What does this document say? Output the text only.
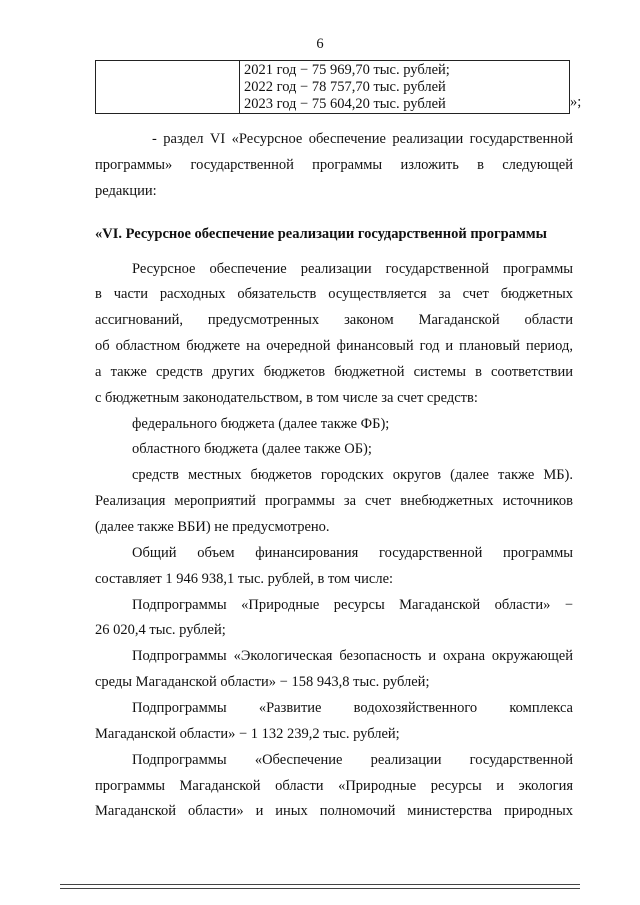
6

2021 год − 75 969,70 тыс. рублей;
2022 год − 78 757,70 тыс. рублей
2023 год − 75 604,20 тыс. рублей	»;
- раздел VI «Ресурсное обеспечение реализации государственной
программы» государственной программы изложить в следующей
редакции:
«VI. Ресурсное обеспечение реализации государственной программы
Ресурсное обеспечение реализации государственной программы
в части расходных обязательств осуществляется за счет бюджетных
ассигнований, предусмотренных законом Магаданской области
об областном бюджете на очередной финансовый год и плановый период,
а также средств других бюджетов бюджетной системы в соответствии
с бюджетным законодательством, в том числе за счет средств:
федерального бюджета (далее также ФБ);
областного бюджета (далее также ОБ);
средств местных бюджетов городских округов (далее также МБ).
Реализация мероприятий программы за счет внебюджетных источников
(далее также ВБИ) не предусмотрено.
Общий объем финансирования государственной программы
составляет 1 946 938,1 тыс. рублей, в том числе:
Подпрограммы «Природные ресурсы Магаданской области» −
26 020,4 тыс. рублей;
Подпрограммы «Экологическая безопасность и охрана окружающей
среды Магаданской области» − 158 943,8 тыс. рублей;
Подпрограммы «Развитие водохозяйственного комплекса
Магаданской области» − 1 132 239,2 тыс. рублей;
Подпрограммы «Обеспечение реализации государственной
программы Магаданской области «Природные ресурсы и экология
Магаданской области» и иных полномочий министерства природных
